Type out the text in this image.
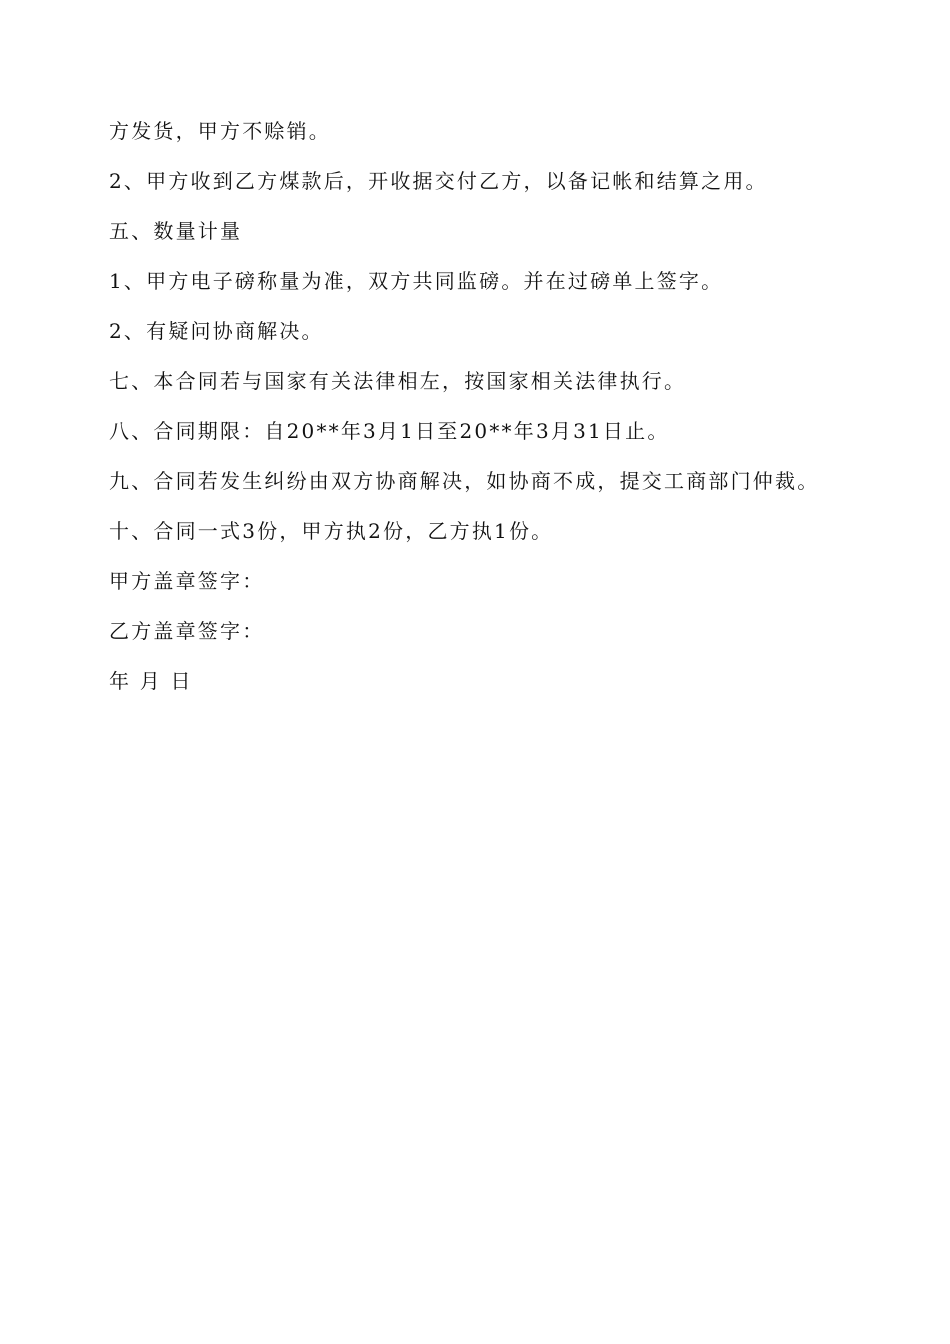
方发货，甲方不赊销。
2、甲方收到乙方煤款后，开收据交付乙方，以备记帐和结算之用。
五、数量计量
1、甲方电子磅称量为准，双方共同监磅。并在过磅单上签字。
2、有疑问协商解决。
七、本合同若与国家有关法律相左，按国家相关法律执行。
八、合同期限：自20**年3月1日至20**年3月31日止。
九、合同若发生纠纷由双方协商解决，如协商不成，提交工商部门仲裁。
十、合同一式3份，甲方执2份，乙方执1份。
甲方盖章签字：
乙方盖章签字：
年 月 日
